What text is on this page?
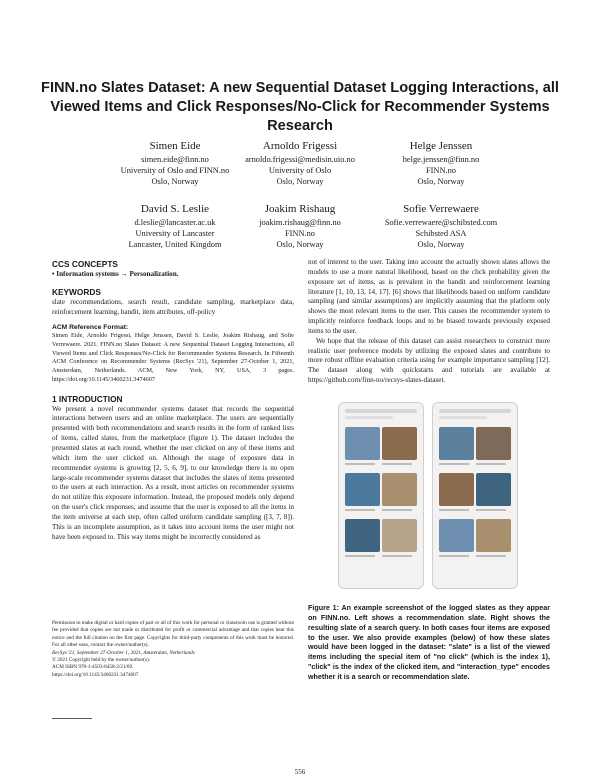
FINN.no Slates Dataset: A new Sequential Dataset Logging Interactions, all Viewed Items and Click Responses/No-Click for Recommender Systems Research
Simen Eide
simen.eide@finn.no
University of Oslo and FINN.no
Oslo, Norway
Arnoldo Frigessi
arnoldo.frigessi@medisin.uio.no
University of Oslo
Oslo, Norway
Helge Jenssen
helge.jenssen@finn.no
FINN.no
Oslo, Norway
David S. Leslie
d.leslie@lancaster.ac.uk
University of Lancaster
Lancaster, United Kingdom
Joakim Rishaug
joakim.rishaug@finn.no
FINN.no
Oslo, Norway
Sofie Verrewaere
Sofie.verrewaere@schibsted.com
Schibsted ASA
Oslo, Norway
CCS CONCEPTS

• Information systems → Personalization.

KEYWORDS

slate recommendations, search result, candidate sampling, marketplace data, reinforcement learning, bandit, item attributes, off-policy

ACM Reference Format:

Simen Eide, Arnoldo Frigessi, Helge Jenssen, David S. Leslie, Joakim Rishaug, and Sofie Verrewaere. 2021. FINN.no Slates Dataset: A new Sequential Dataset Logging Interactions, all Viewed Items and Click Responses/No-Click for Recommender Systems Research. In Fifteenth ACM Conference on Recommender Systems (RecSys '21), September 27-October 1, 2021, Amsterdam, Netherlands. ACM, New York, NY, USA, 3 pages. https://doi.org/10.1145/3460231.3474607

1 INTRODUCTION

We present a novel recommender systems dataset that records the sequential interactions between users and an online marketplace. The users are sequentially presented with both recommendations and search results in the form of ranked lists of items, called slates, from the marketplace (figure 1). The dataset includes the presented slates at each round, whether the user clicked on any of these items and which item the user clicked on. Although the usage of exposure data in recommender systems is growing [2, 5, 6, 9], to our knowledge there is no open large-scale recommender systems dataset that includes the slates of items presented to the users at each interaction. As a result, most articles on recommender systems do not utilize this exposure information. Instead, the proposed models only depend on the user's click responses, and assume that the user is exposed to all the items in the item universe at each step, often called uniform candidate sampling ([3, 7, 8]). This is an incomplete assumption, as it takes into account items the user might not have been exposed to. This way items might be incorrectly considered as

Permission to make digital or hard copies of part or all of this work for personal or classroom use is granted without fee provided that copies are not made or distributed for profit or commercial advantage and that copies bear this notice and the full citation on the first page. Copyrights for third-party components of this work must be honored. For all other uses, contact the owner/author(s).

RecSys '21, September 27-October 1, 2021, Amsterdam, Netherlands

© 2021 Copyright held by the owner/author(s).

ACM ISBN 978-1-4503-8458-2/21/09.

https://doi.org/10.1145/3460231.3474607

not of interest to the user. Taking into account the actually shown slates allows the models to use a more natural likelihood, based on the click probability given the exposure set of items, as is prevalent in the bandit and reinforcement learning literature [1, 10, 13, 14, 17]. [6] shows that likelihoods based on uniform candidate sampling (and similar assumptions) are implicitly assuming that the platform only shows the most relevant items to the user. This causes the recommender system to implicitly reinforce feedback loops and to be biased towards previously exposed items to the user.

We hope that the release of this dataset can assist researchers to construct more realistic user preference models by utilizing the exposed slates and contribute to more robust offline evaluation criteria using for example importance sampling [12]. The dataset along with quickstarts and tutorials are available at https://github.com/finn-no/recsys-slates-dataset.

Figure 1: An example screenshot of the logged slates as they appear on FINN.no. Left shows a recommendation slate. Right shows the resulting slate of a search query. In both cases four items are exposed to the user. We also provide examples (below) of how these slates would have been logged in the dataset: "slate" is a list of the viewed items including the special item of "no click" (which is the index 1), "click" is the index of the clicked item, and "interaction_type" encodes whether it is a search or recommendation slate.
556
